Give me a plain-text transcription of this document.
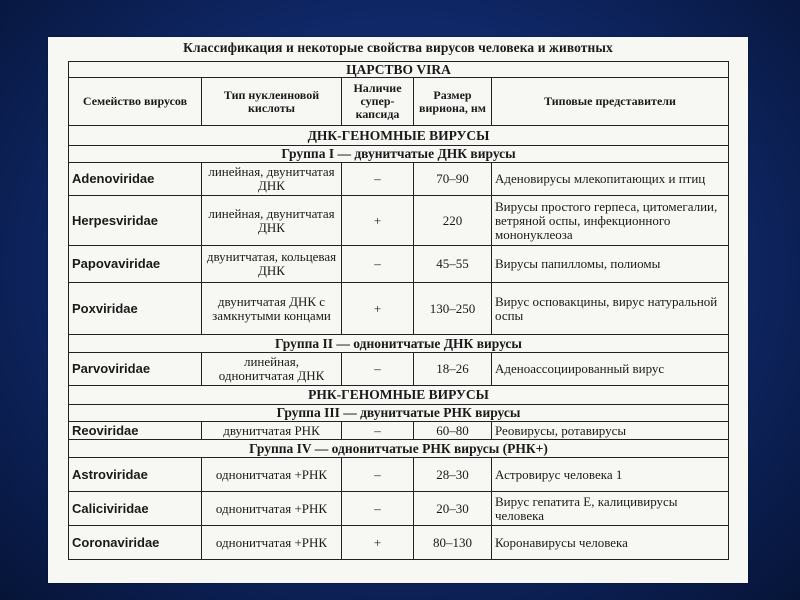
Классификация и некоторые свойства вирусов человека и животных
ЦАРСТВО VIRA				
Семейство вирусов	Тип нуклеиновой кислоты	Наличие супер-капсида	Размер вириона, нм	Типовые представители
ДНК-ГЕНОМНЫЕ ВИРУСЫ				
Группа I — двунитчатые ДНК вирусы				
Adenoviridae	линейная, двунитчатая ДНК	–	70–90	Аденовирусы млекопитающих и птиц
Herpesviridae	линейная, двунитчатая ДНК	+	220	Вирусы простого герпеса, цитомегалии, ветряной оспы, инфекционного мононуклеоза
Papovaviridae	двунитчатая, кольцевая ДНК	–	45–55	Вирусы папилломы, полиомы
Poxviridae	двунитчатая ДНК с замкнутыми концами	+	130–250	Вирус осповакцины, вирус натуральной оспы
Группа II — однонитчатые ДНК вирусы				
Parvoviridae	линейная, однонитчатая ДНК	–	18–26	Аденоассоциированный вирус
РНК-ГЕНОМНЫЕ ВИРУСЫ				
Группа III — двунитчатые РНК вирусы				
Reoviridae	двунитчатая РНК	–	60–80	Реовирусы, ротавирусы
Группа IV — однонитчатые РНК вирусы (РНК+)				
Astroviridae	однонитчатая +РНК	–	28–30	Астровирус человека 1
Caliciviridae	однонитчатая +РНК	–	20–30	Вирус гепатита Е, калицивирусы человека
Coronaviridae	однонитчатая +РНК	+	80–130	Коронавирусы человека
